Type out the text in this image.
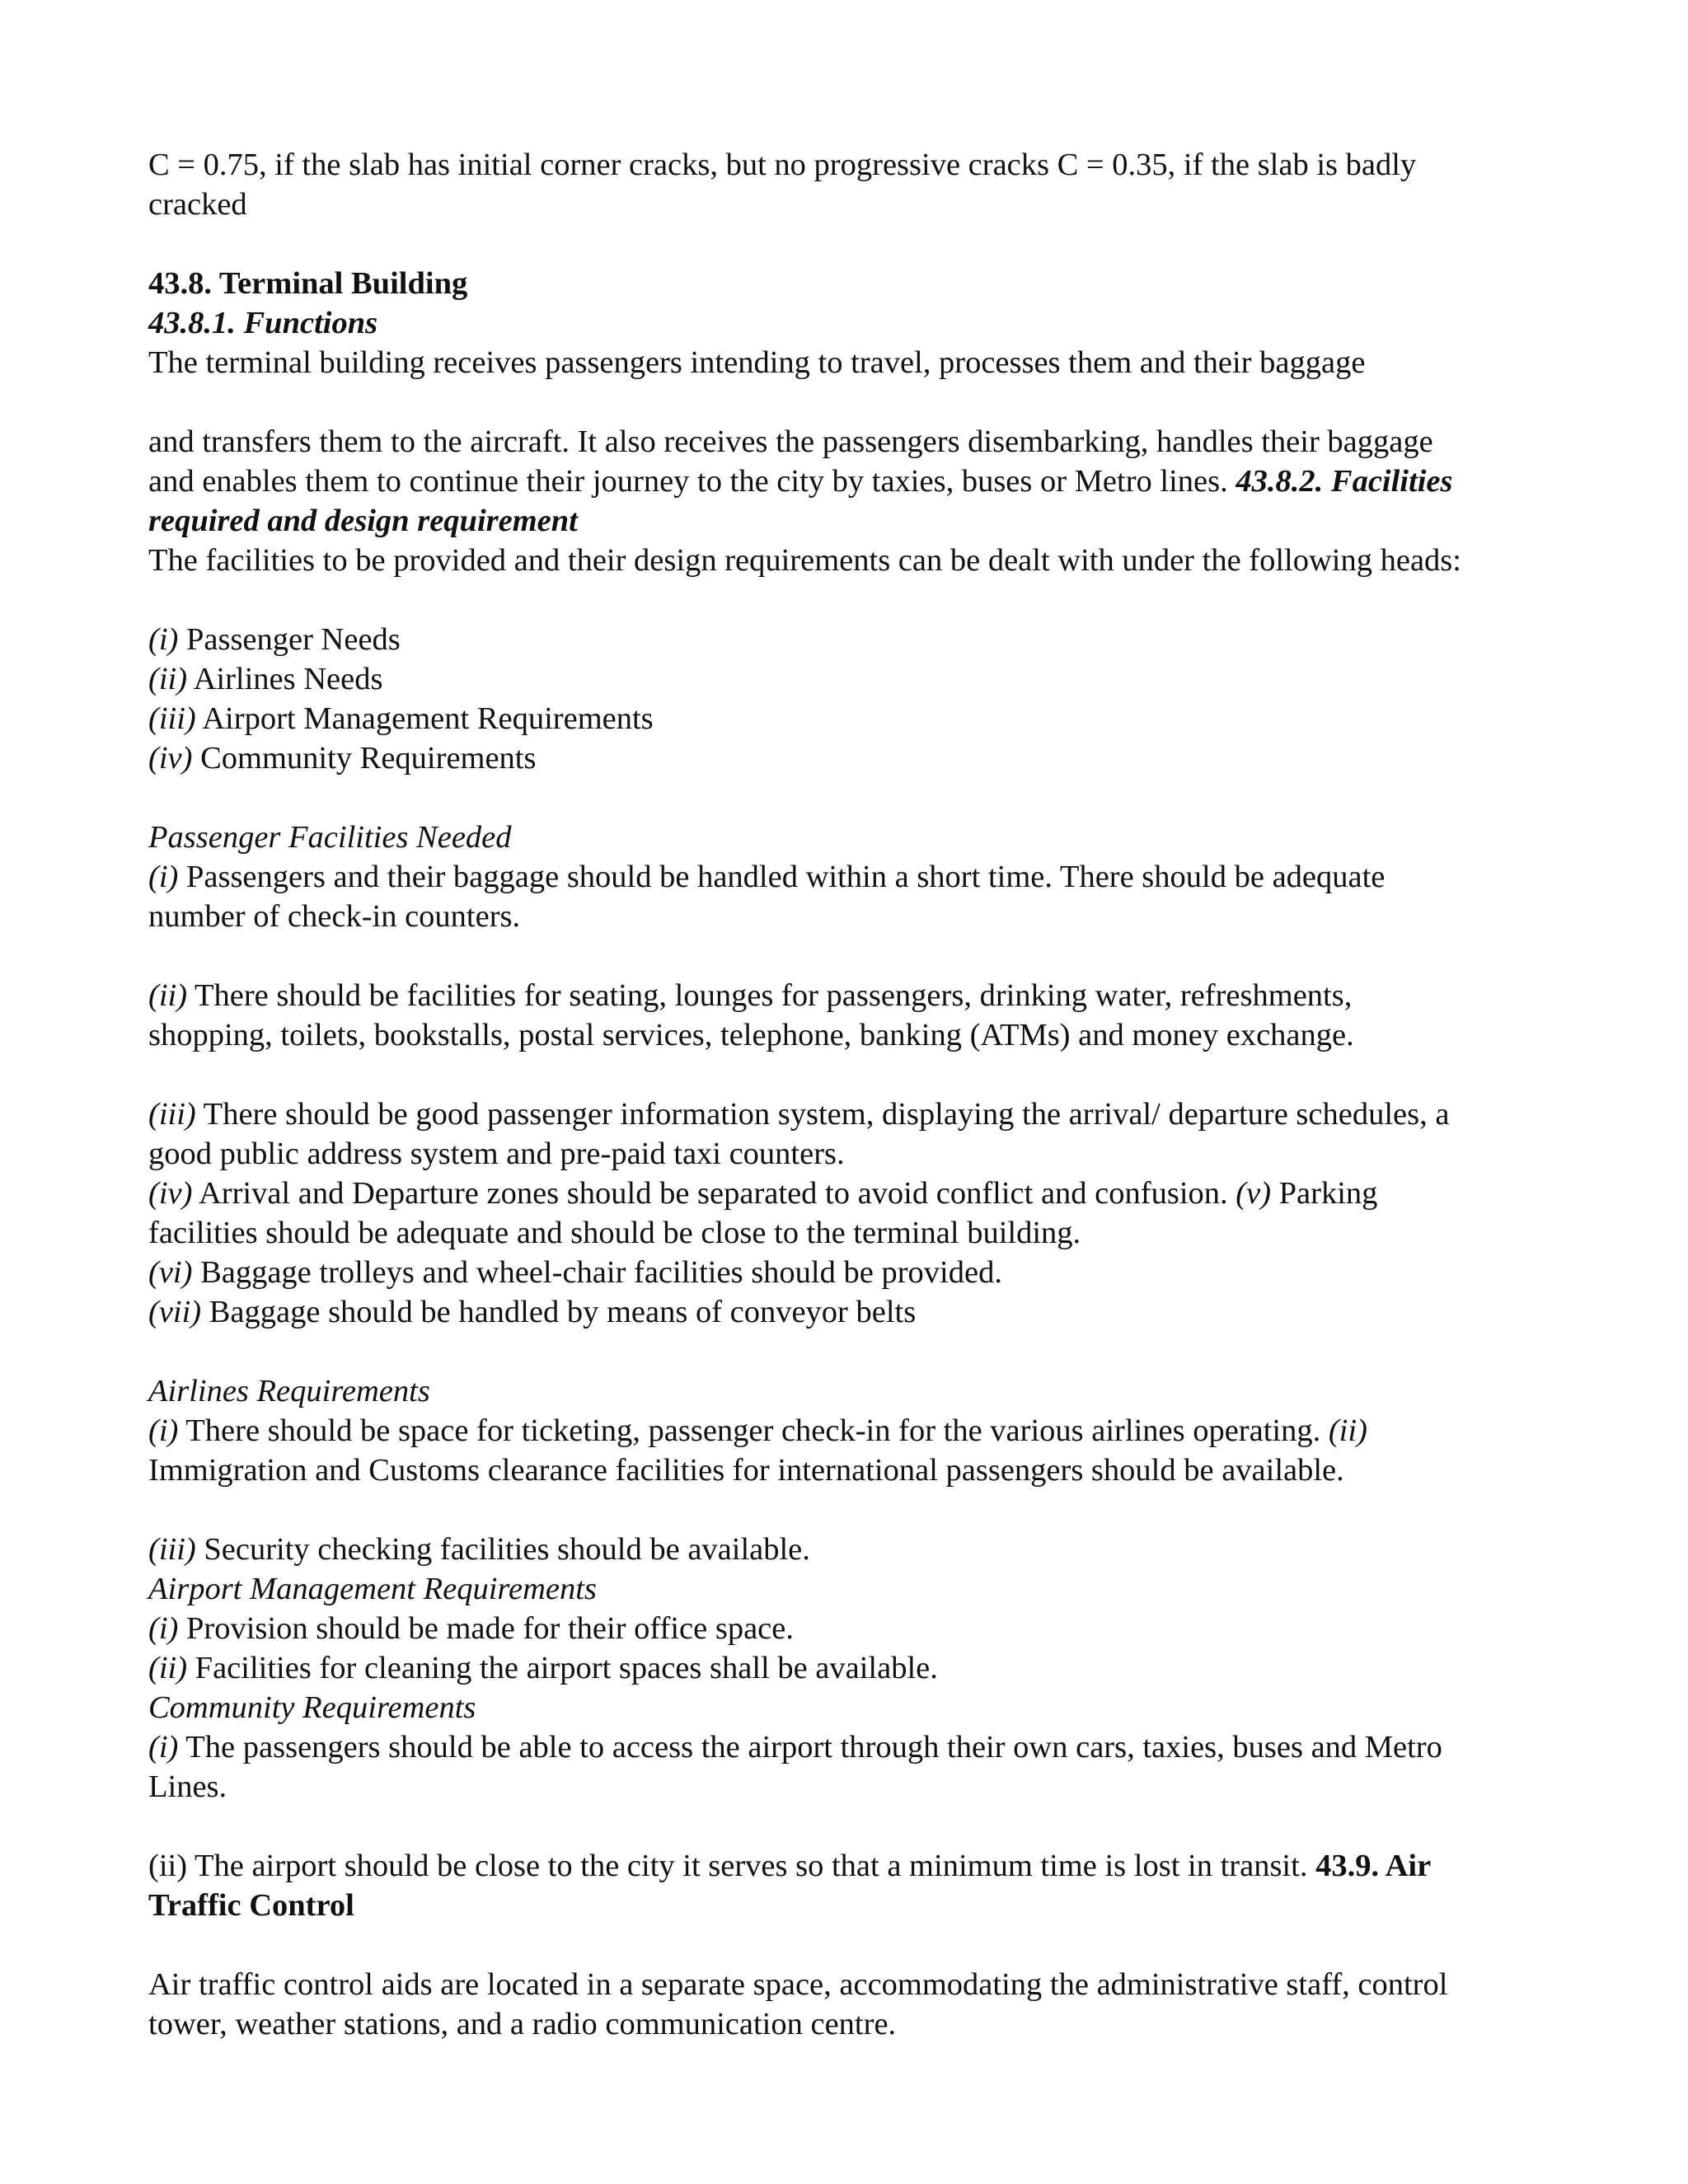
C = 0.75, if the slab has initial corner cracks, but no progressive cracks C = 0.35, if the slab is badly
cracked
43.8. Terminal Building
43.8.1. Functions
The terminal building receives passengers intending to travel, processes them and their baggage
and transfers them to the aircraft. It also receives the passengers disembarking, handles their baggage
and enables them to continue their journey to the city by taxies, buses or Metro lines. 43.8.2. Facilities
required and design requirement
The facilities to be provided and their design requirements can be dealt with under the following heads:
(i) Passenger Needs
(ii) Airlines Needs
(iii) Airport Management Requirements
(iv) Community Requirements
Passenger Facilities Needed
(i) Passengers and their baggage should be handled within a short time. There should be adequate
number of check-in counters.
(ii) There should be facilities for seating, lounges for passengers, drinking water, refreshments,
shopping, toilets, bookstalls, postal services, telephone, banking (ATMs) and money exchange.
(iii) There should be good passenger information system, displaying the arrival/ departure schedules, a
good public address system and pre-paid taxi counters.
(iv) Arrival and Departure zones should be separated to avoid conflict and confusion. (v) Parking
facilities should be adequate and should be close to the terminal building.
(vi) Baggage trolleys and wheel-chair facilities should be provided.
(vii) Baggage should be handled by means of conveyor belts
Airlines Requirements
(i) There should be space for ticketing, passenger check-in for the various airlines operating. (ii)
Immigration and Customs clearance facilities for international passengers should be available.
(iii) Security checking facilities should be available.
Airport Management Requirements
(i) Provision should be made for their office space.
(ii) Facilities for cleaning the airport spaces shall be available.
Community Requirements
(i) The passengers should be able to access the airport through their own cars, taxies, buses and Metro
Lines.
(ii) The airport should be close to the city it serves so that a minimum time is lost in transit. 43.9. Air
Traffic Control
Air traffic control aids are located in a separate space, accommodating the administrative staff, control
tower, weather stations, and a radio communication centre.
